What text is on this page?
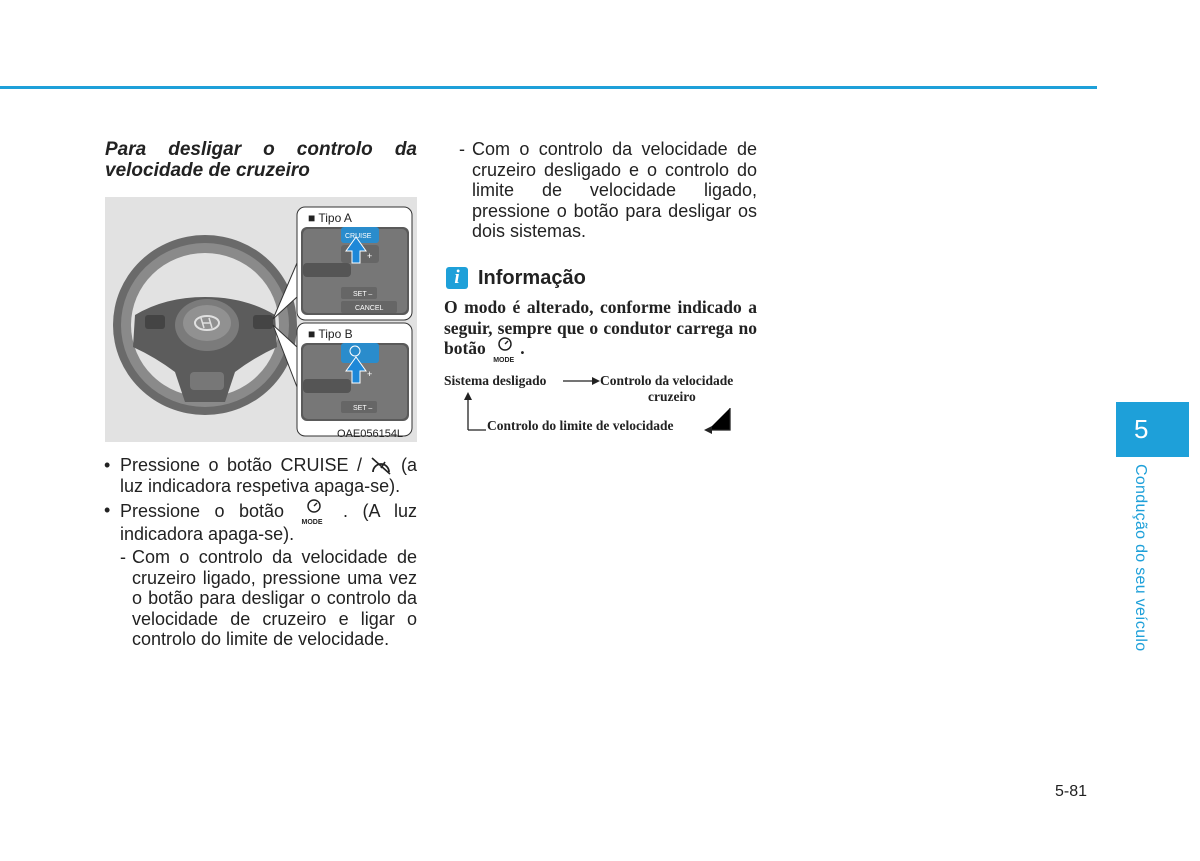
Para desligar o controlo da velocidade de cruzeiro
■ Tipo A
■ Tipo B
CRUISE
+
SET –
CANCEL
+
SET –
OAE056154L
• Pressione o botão CRUISE / (a luz indicadora respetiva apaga-se).
• Pressione o botão
MODE
. (A luz indicadora apaga-se).
- Com o controlo da velocidade de cruzeiro ligado, pressione uma vez o botão para desligar o controlo da velocidade de cruzeiro e ligar o controlo do limite de velocidade.
- Com o controlo da velocidade de cruzeiro desligado e o controlo do limite de velocidade ligado, pressione o botão para desligar os dois sistemas.
i Informação
O modo é alterado, conforme indicado a seguir, sempre que o condutor carrega no botão
MODE
.
Sistema desligado	Controlo da velocidade
cruzeiro
Controlo do limite de velocidade	5
Condução do seu veículo
5-81
